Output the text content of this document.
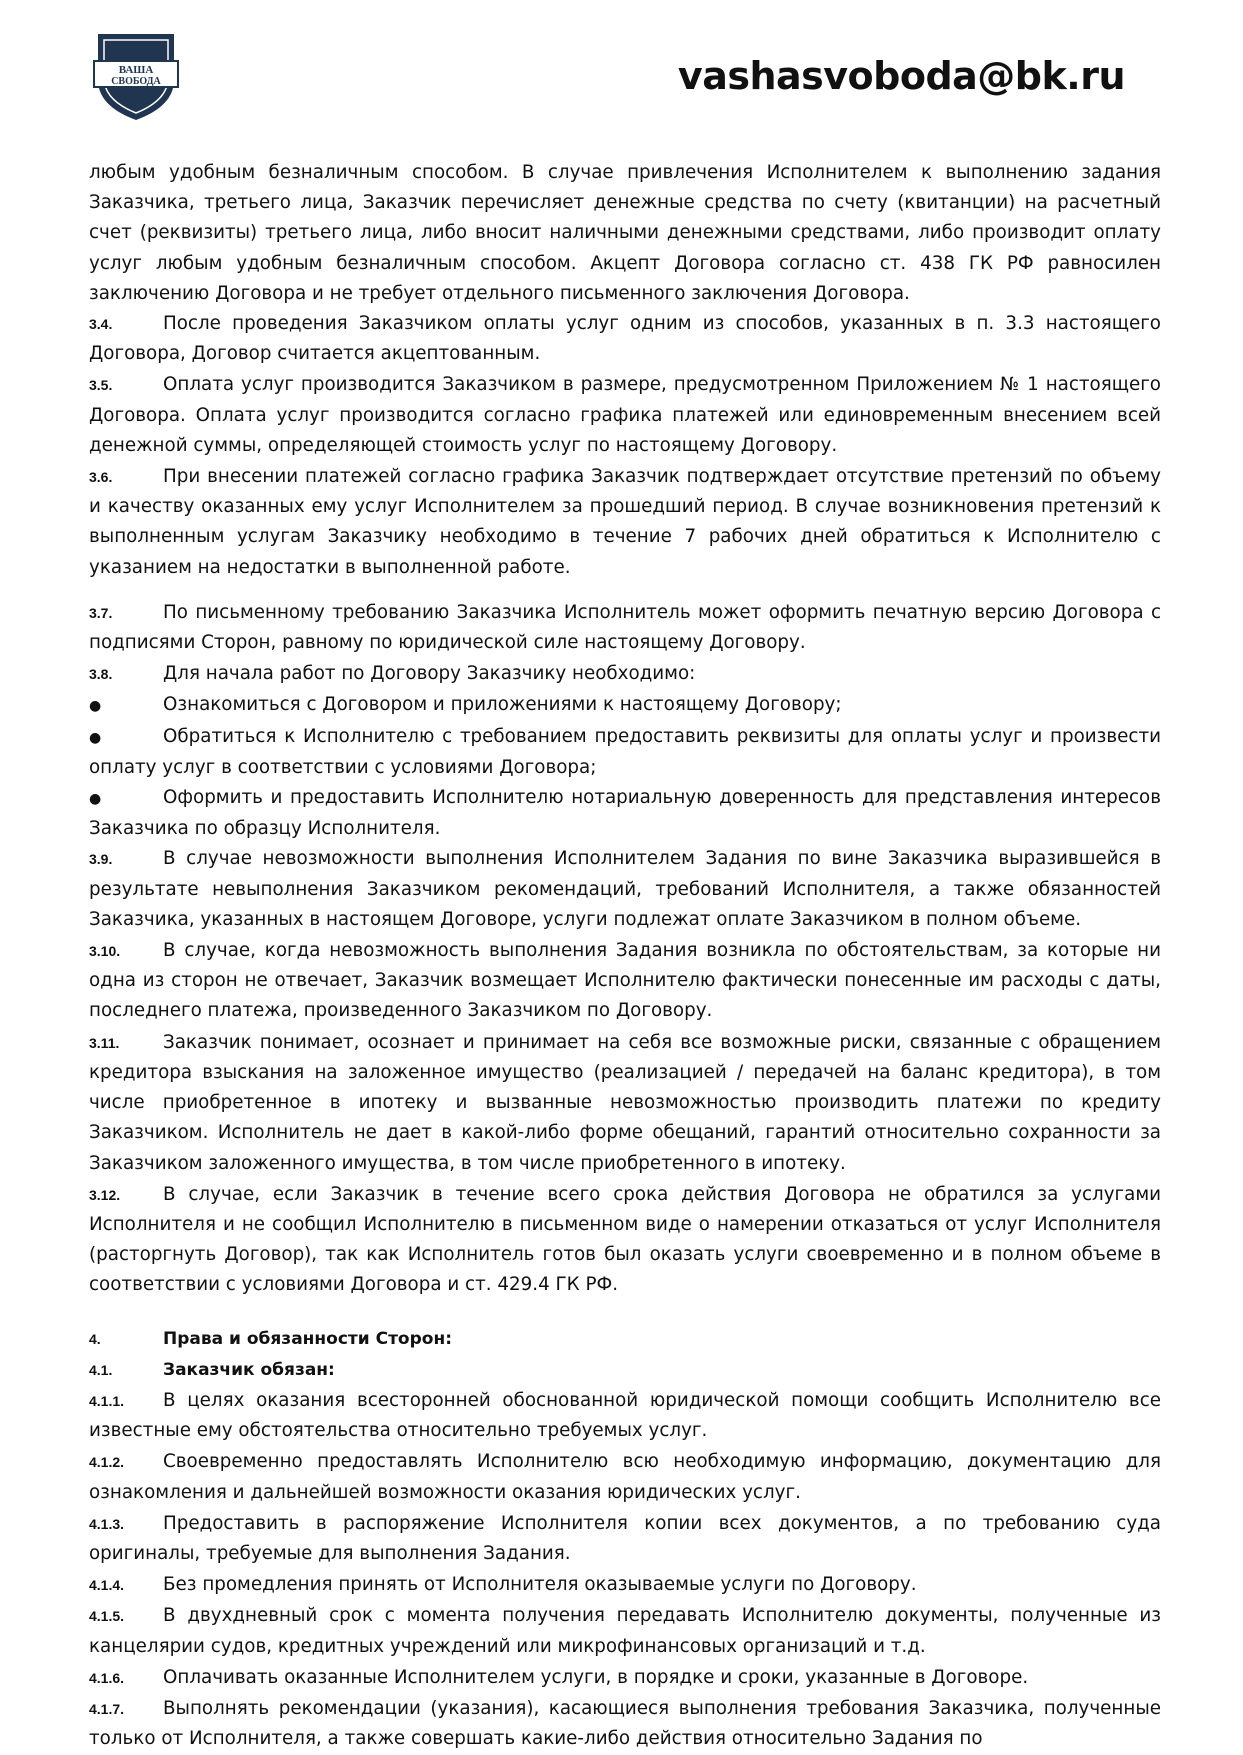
ВАША
СВОБОДА	vashasvoboda@bk.ru

любым удобным безналичным способом. В случае привлечения Исполнителем к выполнению задания Заказчика, третьего лица, Заказчик перечисляет денежные средства по счету (квитанции) на расчетный счет (реквизиты) третьего лица, либо вносит наличными денежными средствами, либо производит оплату услуг любым удобным безналичным способом. Акцепт Договора согласно ст. 438 ГК РФ равносилен заключению Договора и не требует отдельного письменного заключения Договора.

3.4.	После проведения Заказчиком оплаты услуг одним из способов, указанных в п. 3.3 настоящего Договора, Договор считается акцептованным.
3.5.	Оплата услуг производится Заказчиком в размере, предусмотренном Приложением № 1 настоящего Договора. Оплата услуг производится согласно графика платежей или единовременным внесением всей денежной суммы, определяющей стоимость услуг по настоящему Договору.
3.6.	При внесении платежей согласно графика Заказчик подтверждает отсутствие претензий по объему и качеству оказанных ему услуг Исполнителем за прошедший период. В случае возникновения претензий к выполненным услугам Заказчику необходимо в течение 7 рабочих дней обратиться к Исполнителю с указанием на недостатки в выполненной работе.
3.7.	По письменному требованию Заказчика Исполнитель может оформить печатную версию Договора с подписями Сторон, равному по юридической силе настоящему Договору.
3.8.	Для начала работ по Договору Заказчику необходимо:
●	Ознакомиться с Договором и приложениями к настоящему Договору;
●	Обратиться к Исполнителю с требованием предоставить реквизиты для оплаты услуг и произвести оплату услуг в соответствии с условиями Договора;
●	Оформить и предоставить Исполнителю нотариальную доверенность для представления интересов Заказчика по образцу Исполнителя.
3.9.	В случае невозможности выполнения Исполнителем Задания по вине Заказчика выразившейся в результате невыполнения Заказчиком рекомендаций, требований Исполнителя, а также обязанностей Заказчика, указанных в настоящем Договоре, услуги подлежат оплате Заказчиком в полном объеме.
3.10. В случае, когда невозможность выполнения Задания возникла по обстоятельствам, за которые ни одна из сторон не отвечает, Заказчик возмещает Исполнителю фактически понесенные им расходы с даты, последнего платежа, произведенного Заказчиком по Договору.
3.11. Заказчик понимает, осознает и принимает на себя все возможные риски, связанные с обращением кредитора взыскания на заложенное имущество (реализацией / передачей на баланс кредитора), в том числе приобретенное в ипотеку и вызванные невозможностью производить платежи по кредиту Заказчиком. Исполнитель не дает в какой-либо форме обещаний, гарантий относительно сохранности за Заказчиком заложенного имущества, в том числе приобретенного в ипотеку.
3.12. В случае, если Заказчик в течение всего срока действия Договора не обратился за услугами Исполнителя и не сообщил Исполнителю в письменном виде о намерении отказаться от услуг Исполнителя (расторгнуть Договор), так как Исполнитель готов был оказать услуги своевременно и в полном объеме в соответствии с условиями Договора и ст. 429.4 ГК РФ.
4.	Права и обязанности Сторон:
4.1.	Заказчик обязан:
4.1.1. В целях оказания всесторонней обоснованной юридической помощи сообщить Исполнителю все известные ему обстоятельства относительно требуемых услуг.
4.1.2. Своевременно предоставлять Исполнителю всю необходимую информацию, документацию для ознакомления и дальнейшей возможности оказания юридических услуг.
4.1.3. Предоставить в распоряжение Исполнителя копии всех документов, а по требованию суда оригиналы, требуемые для выполнения Задания.
4.1.4. Без промедления принять от Исполнителя оказываемые услуги по Договору.
4.1.5. В двухдневный срок с момента получения передавать Исполнителю документы, полученные из канцелярии судов, кредитных учреждений или микрофинансовых организаций и т.д.
4.1.6. Оплачивать оказанные Исполнителем услуги, в порядке и сроки, указанные в Договоре.
4.1.7. Выполнять рекомендации (указания), касающиеся выполнения требования Заказчика, полученные только от Исполнителя, а также совершать какие-либо действия относительно Задания по
